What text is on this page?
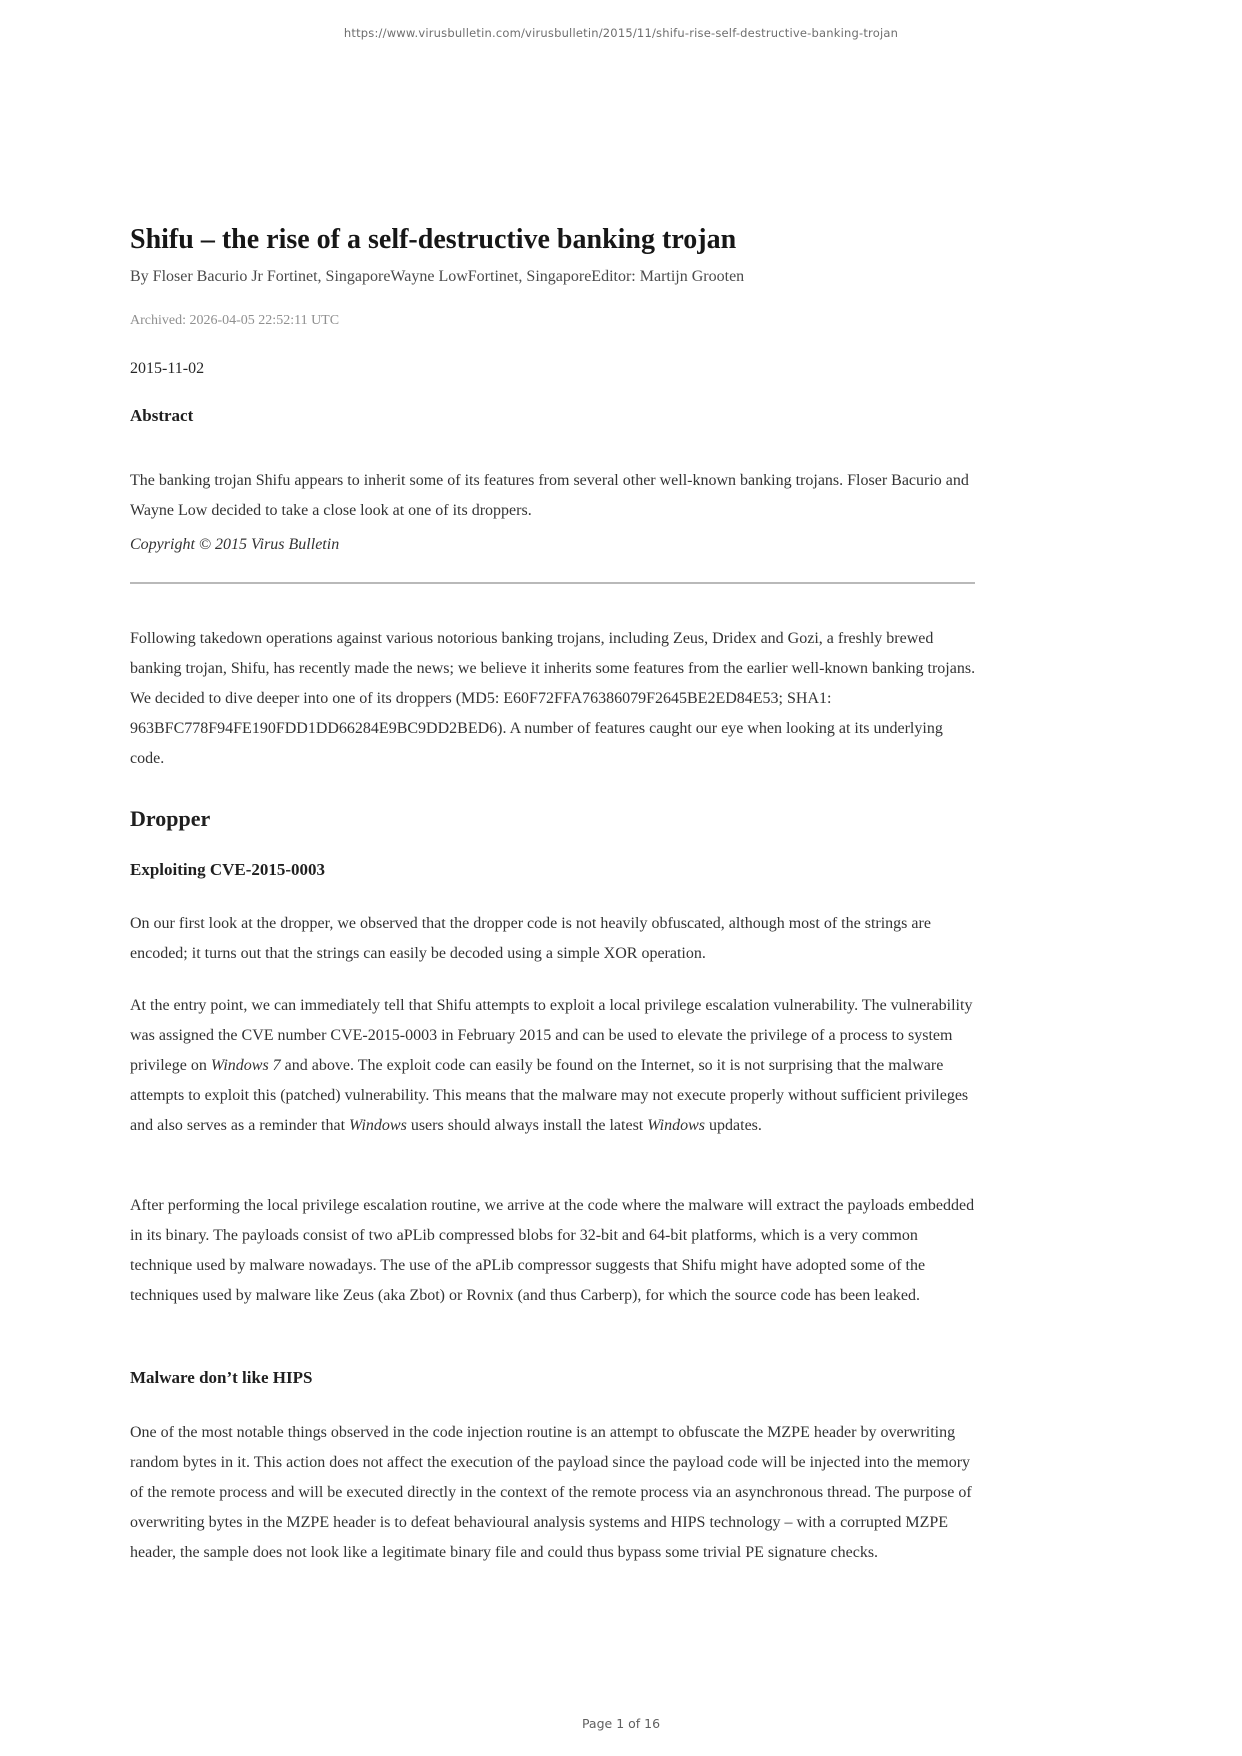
https://www.virusbulletin.com/virusbulletin/2015/11/shifu-rise-self-destructive-banking-trojan
Shifu – the rise of a self-destructive banking trojan
By Floser Bacurio Jr Fortinet, SingaporeWayne LowFortinet, SingaporeEditor: Martijn Grooten
Archived: 2026-04-05 22:52:11 UTC
2015-11-02
Abstract

The banking trojan Shifu appears to inherit some of its features from several other well-known banking trojans. Floser Bacurio and Wayne Low decided to take a close look at one of its droppers.

Copyright © 2015 Virus Bulletin

Following takedown operations against various notorious banking trojans, including Zeus, Dridex and Gozi, a freshly brewed banking trojan, Shifu, has recently made the news; we believe it inherits some features from the earlier well-known banking trojans. We decided to dive deeper into one of its droppers (MD5: E60F72FFA76386079F2645BE2ED84E53; SHA1: 963BFC778F94FE190FDD1DD66284E9BC9DD2BED6). A number of features caught our eye when looking at its underlying code.

Dropper
Exploiting CVE-2015-0003

On our first look at the dropper, we observed that the dropper code is not heavily obfuscated, although most of the strings are encoded; it turns out that the strings can easily be decoded using a simple XOR operation.

At the entry point, we can immediately tell that Shifu attempts to exploit a local privilege escalation vulnerability. The vulnerability was assigned the CVE number CVE-2015-0003 in February 2015 and can be used to elevate the privilege of a process to system privilege on Windows 7 and above. The exploit code can easily be found on the Internet, so it is not surprising that the malware attempts to exploit this (patched) vulnerability. This means that the malware may not execute properly without sufficient privileges and also serves as a reminder that Windows users should always install the latest Windows updates.

After performing the local privilege escalation routine, we arrive at the code where the malware will extract the payloads embedded in its binary. The payloads consist of two aPLib compressed blobs for 32-bit and 64-bit platforms, which is a very common technique used by malware nowadays. The use of the aPLib compressor suggests that Shifu might have adopted some of the techniques used by malware like Zeus (aka Zbot) or Rovnix (and thus Carberp), for which the source code has been leaked.

Malware don’t like HIPS

One of the most notable things observed in the code injection routine is an attempt to obfuscate the MZPE header by overwriting random bytes in it. This action does not affect the execution of the payload since the payload code will be injected into the memory of the remote process and will be executed directly in the context of the remote process via an asynchronous thread. The purpose of overwriting bytes in the MZPE header is to defeat behavioural analysis systems and HIPS technology – with a corrupted MZPE header, the sample does not look like a legitimate binary file and could thus bypass some trivial PE signature checks.

Page 1 of 16
